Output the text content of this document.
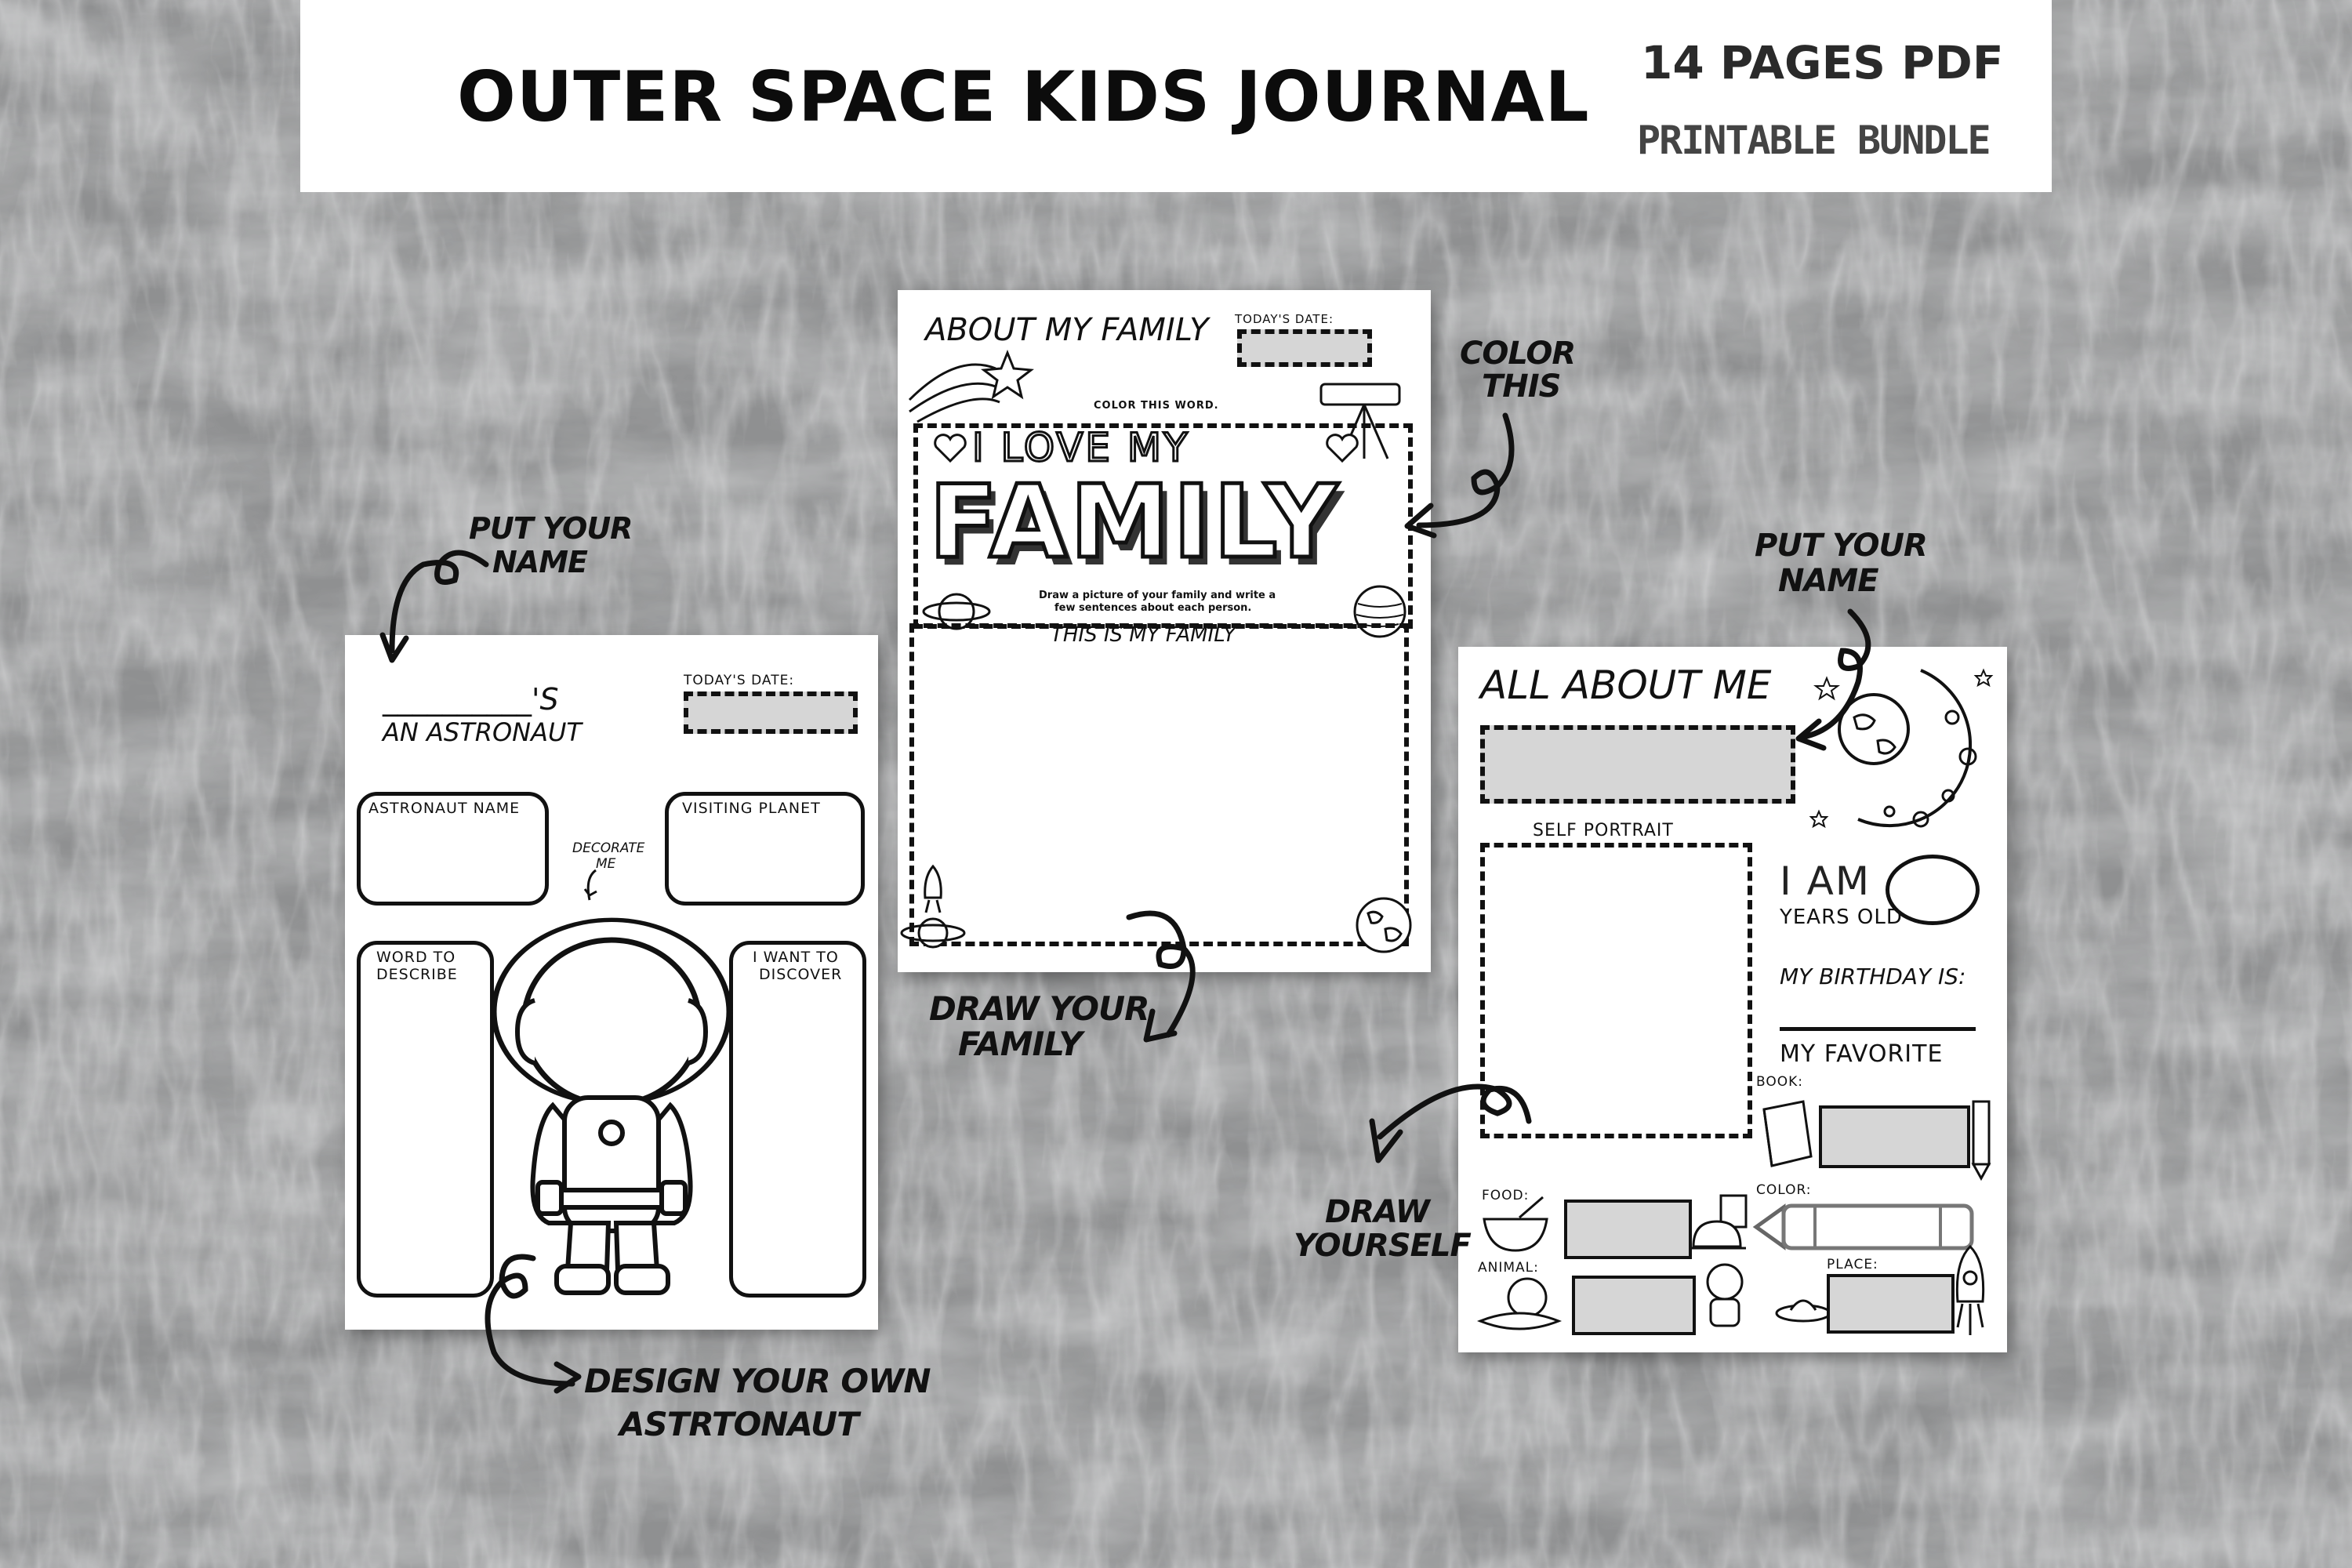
OUTER SPACE KIDS JOURNAL 14 PAGES PDF
PRINTABLE BUNDLE
__________'S
AN ASTRONAUT
TODAY'S DATE:
ASTRONAUT NAME	VISITING PLANET
WORD TO
DESCRIBE
I WANT TO
DISCOVER
DECORATE
ME
ABOUT MY FAMILY TODAY'S DATE:
COLOR THIS WORD.
I LOVE MY
FAMILY
Draw a picture of your family and write a
few sentences about each person.
THIS IS MY FAMILY
ALL ABOUT ME
SELF PORTRAIT
I AM
YEARS OLD
MY BIRTHDAY IS:
MY FAVORITE
BOOK:
FOOD:	COLOR:
ANIMAL:	PLACE:
PUT YOUR
NAME
DESIGN YOUR OWN
ASTRTONAUT
COLOR
THIS
DRAW YOUR
FAMILY
PUT YOUR
NAME
DRAW
YOURSELF
